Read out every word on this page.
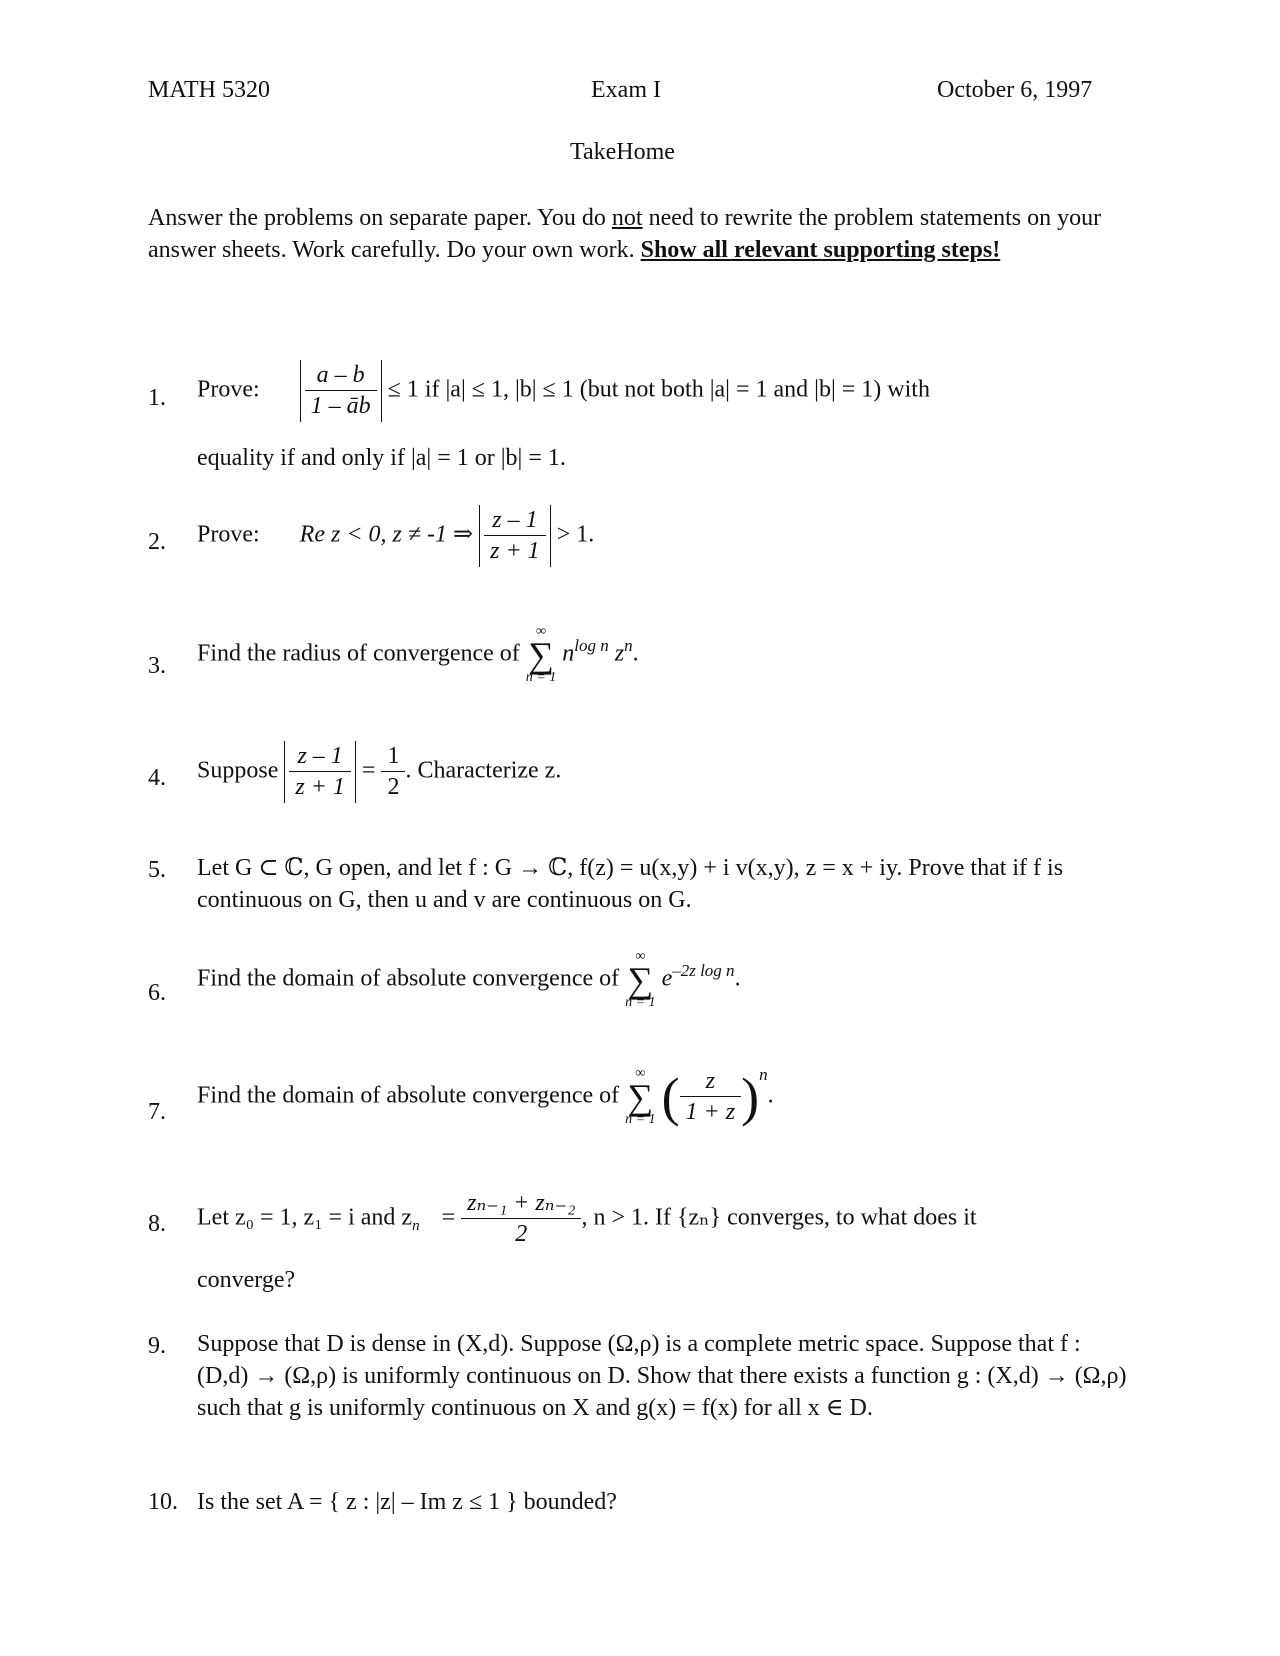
MATH 5320	Exam I	October 6, 1997
TakeHome
Answer the problems on separate paper. You do not need to rewrite the problem statements on your answer sheets. Work carefully. Do your own work. Show all relevant supporting steps!
1. Prove: $\frac{a - b}{1 - āb} \le 1$ if |a| ≤ 1, |b| ≤ 1 (but not both |a| = 1 and |b| = 1) with
equality if and only if |a| = 1 or |b| = 1.
2. Prove: Re z < 0, z ≠ -1 ⇒ $\frac{z - 1}{z + 1} > 1$.
3. Find the radius of convergence of
∞
∑
n = 1
$n^{log n}$ $z^n$.
4. Suppose $\frac{z - 1}{z + 1} = \frac{1}{2}$ . Characterize z.
5. Let G ⊂ ℂ, G open, and let f : G → ℂ, f(z) = u(x,y) + i v(x,y), z = x + iy. Prove that if f is continuous on G, then u and v are continuous on G.
6.
Find the domain of absolute convergence of
∞
∑
n = 1
$e^{-2z log n}$.
7.
Find the domain of absolute convergence of
∞
∑
n = 1 ( $\frac{z}{1 + z} )^n$.
8. Let z₀ = 1, z₁ = i and $z_n = \frac{\text{zₙ₋₁ + zₙ₋₂}}{2}$ , n > 1. If {zₙ} converges, to what does it
converge?
9. Suppose that D is dense in (X,d). Suppose (Ω,ρ) is a complete metric space. Suppose that f : (D,d) → (Ω,ρ) is uniformly continuous on D. Show that there exists a function g : (X,d) → (Ω,ρ) such that g is uniformly continuous on X and g(x) = f(x) for all x ∈ D.
10. Is the set A = { z : |z| – Im z ≤ 1 } bounded?
